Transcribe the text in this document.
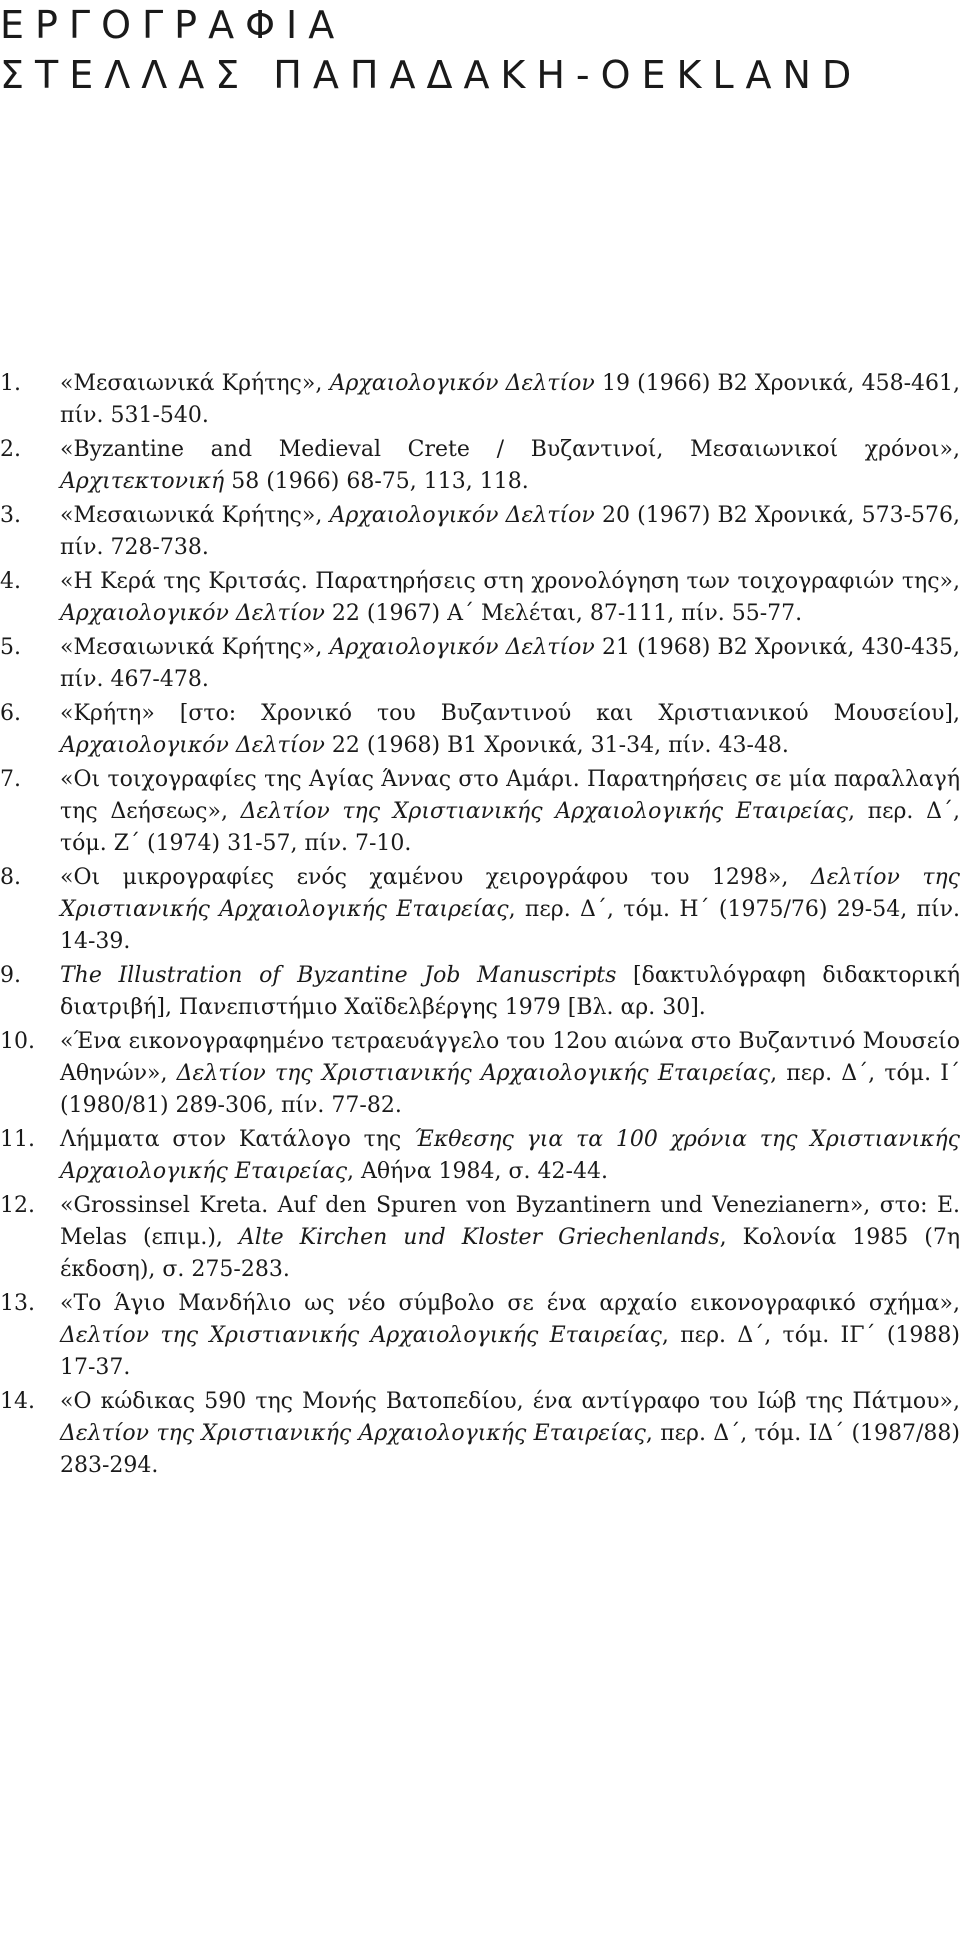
ΕΡΓΟΓΡΑΦΙΑ
ΣΤΕΛΛΑΣ ΠΑΠΑΔΑΚΗ-OEKLAND
1.	«Μεσαιωνικά Κρήτης», Αρχαιολογικόν Δελτίον 19 (1966) Β2 Χρονικά, 458-461, πίν. 531-540.
2.	«Byzantine and Medieval Crete / Βυζαντινοί, Μεσαιωνικοί χρόνοι», Αρχιτεκτονική 58 (1966) 68-75, 113, 118.
3.	«Μεσαιωνικά Κρήτης», Αρχαιολογικόν Δελτίον 20 (1967) Β2 Χρονικά, 573-576, πίν. 728-738.
4.	«Η Κερά της Κριτσάς. Παρατηρήσεις στη χρονολόγηση των τοιχογραφιών της», Αρχαιολογικόν Δελτίον 22 (1967) Α΄ Μελέται, 87-111, πίν. 55-77.
5.	«Μεσαιωνικά Κρήτης», Αρχαιολογικόν Δελτίον 21 (1968) Β2 Χρονικά, 430-435, πίν. 467-478.
6.	«Κρήτη» [στο: Χρονικό του Βυζαντινού και Χριστιανικού Μουσείου], Αρχαιολογικόν Δελτίον 22 (1968) Β1 Χρονικά, 31-34, πίν. 43-48.
7.	«Οι τοιχογραφίες της Αγίας Άννας στο Αμάρι. Παρατηρήσεις σε μία παραλλαγή της Δεήσεως», Δελτίον της Χριστιανικής Αρχαιολογικής Εταιρείας, περ. Δ΄, τόμ. Ζ΄ (1974) 31-57, πίν. 7-10.
8.	«Οι μικρογραφίες ενός χαμένου χειρογράφου του 1298», Δελτίον της Χριστιανικής Αρχαιολογικής Εταιρείας, περ. Δ΄, τόμ. Η΄ (1975/76) 29-54, πίν. 14-39.
9.	The Illustration of Byzantine Job Manuscripts [δακτυλόγραφη διδακτορική διατριβή], Πανεπιστήμιο Χαϊδελβέργης 1979 [Βλ. αρ. 30].
10.	«Ένα εικονογραφημένο τετραευάγγελο του 12ου αιώνα στο Βυζαντινό Μουσείο Αθηνών», Δελτίον της Χριστιανικής Αρχαιολογικής Εταιρείας, περ. Δ΄, τόμ. Ι΄ (1980/81) 289-306, πίν. 77-82.
11.	Λήμματα στον Κατάλογο της Έκθεσης για τα 100 χρόνια της Χριστιανικής Αρχαιολογικής Εταιρείας, Αθήνα 1984, σ. 42-44.
12.	«Grossinsel Kreta. Auf den Spuren von Byzantinern und Venezianern», στο: E. Melas (επιμ.), Alte Kirchen und Kloster Griechenlands, Κολονία 1985 (7η έκδοση), σ. 275-283.
13.	«Το Άγιο Μανδήλιο ως νέο σύμβολο σε ένα αρχαίο εικονογραφικό σχήμα», Δελτίον της Χριστιανικής Αρχαιολογικής Εταιρείας, περ. Δ΄, τόμ. ΙΓ΄ (1988) 17-37.
14.	«Ο κώδικας 590 της Μονής Βατοπεδίου, ένα αντίγραφο του Ιώβ της Πάτμου», Δελτίον της Χριστιανικής Αρχαιολογικής Εταιρείας, περ. Δ΄, τόμ. ΙΔ΄ (1987/88) 283-294.
